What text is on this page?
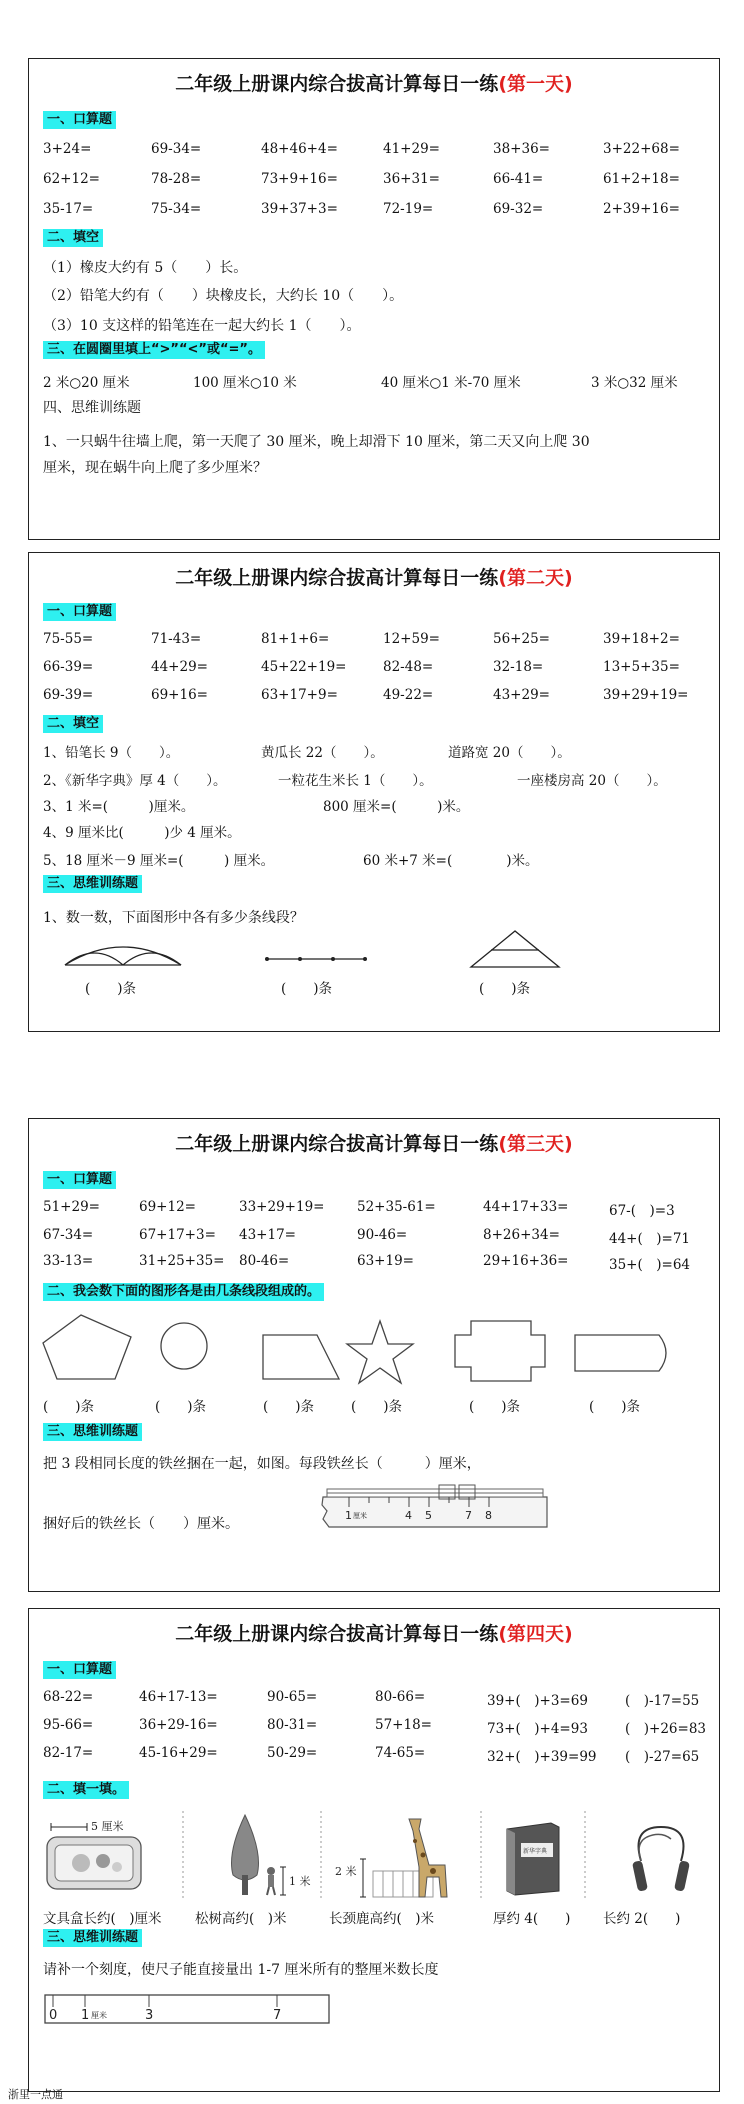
二年级上册课内综合拔高计算每日一练(第一天)
一、口算题
3+24=	69-34=	48+46+4=	41+29=	38+36=	3+22+68=
62+12=	78-28=	73+9+16=	36+31=	66-41=	61+2+18=
35-17=	75-34=	39+37+3=	72-19=	69-32=	2+39+16=
二、填空
（1）橡皮大约有 5（　　）长。
（2）铅笔大约有（　　）块橡皮长，大约长 10（　　）。
（3）10 支这样的铅笔连在一起大约长 1（　　）。
三、在圆圈里填上“>”“<”或“=”。
2 米○20 厘米	100 厘米○10 米	40 厘米○1 米-70 厘米	3 米○32 厘米
四、思维训练题
1、一只蜗牛往墙上爬，第一天爬了 30 厘米，晚上却滑下 10 厘米，第二天又向上爬 30
厘米，现在蜗牛向上爬了多少厘米？
二年级上册课内综合拔高计算每日一练(第二天)
一、口算题
75-55=	71-43=	81+1+6=	12+59=	56+25=	39+18+2=
66-39=	44+29=	45+22+19=	82-48=	32-18=	13+5+35=
69-39=	69+16=	63+17+9=	49-22=	43+29=	39+29+19=
二、填空
1、铅笔长 9（　　）。	黄瓜长 22（　　）。	道路宽 20（　　）。
2、《新华字典》厚 4（　　）。	一粒花生米长 1（　　）。	一座楼房高 20（　　）。
3、1 米=(　　　)厘米。	800 厘米=(　　　)米。
4、9 厘米比(　　　)少 4 厘米。
5、18 厘米－9 厘米=(　　　) 厘米。	60 米+7 米=(　　　　)米。
三、思维训练题
1、数一数，下面图形中各有多少条线段？
(　　)条	(　　)条	(　　)条
二年级上册课内综合拔高计算每日一练(第三天)
一、口算题
51+29=	69+12=	33+29+19= 52+35-61=	44+17+33=	67-(　)=3
67-34=	67+17+3= 43+17=	90-46=	8+26+34=	44+(　)=71
33-13=	31+25+35= 80-46=	63+19=	29+16+36=	35+(　)=64
二、我会数下面的图形各是由几条线段组成的。
(　　)条	(　　)条	(　　)条	(　　)条	(　　)条	(　　)条
三、思维训练题
把 3 段相同长度的铁丝捆在一起，如图。每段铁丝长（　　　）厘米，
捆好后的铁丝长（　　）厘米。
1 厘米	4 5	7 8
二年级上册课内综合拔高计算每日一练(第四天)
一、口算题
68-22=	46+17-13=	90-65=	80-66=	39+(　)+3=69	(　)-17=55
95-66=	36+29-16=	80-31=	57+18=	73+(　)+4=93	(　)+26=83
82-17=	45-16+29=	50-29=	74-65=	32+(　)+39=99 (　)-27=65
二、填一填。
5 厘米
1 米
2 米
新华字典
文具盒长约(　)厘米 松树高约(　)米	长颈鹿高约(　)米	厚约 4(　　) 长约 2(　　)
三、思维训练题
请补一个刻度，使尺子能直接量出 1-7 厘米所有的整厘米数长度
0 1 厘米	3	7
浙里一点通
